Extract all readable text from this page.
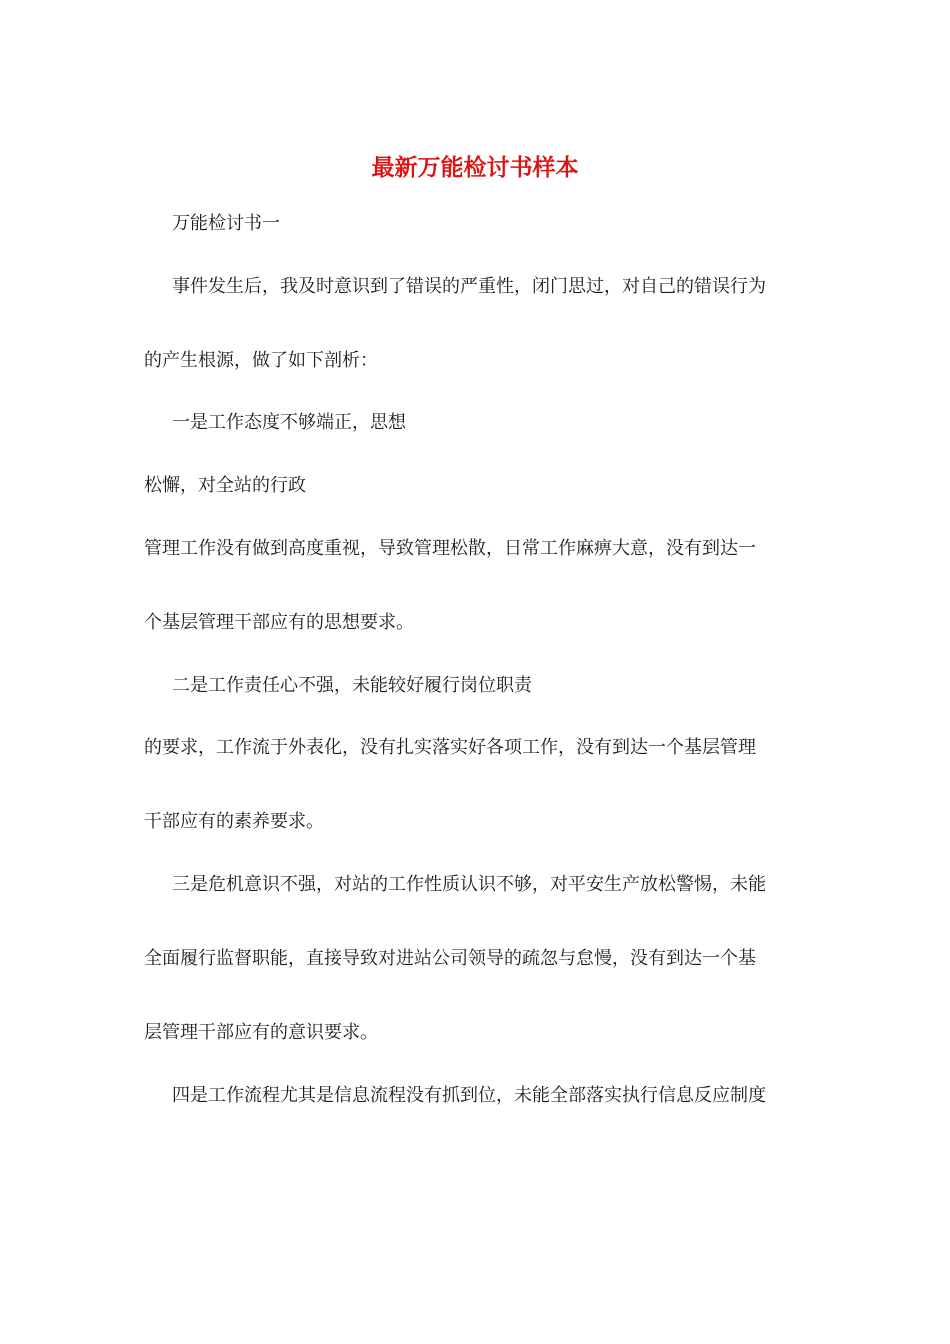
最新万能检讨书样本

万能检讨书一

事件发生后，我及时意识到了错误的严重性，闭门思过，对自己的错误行为

的产生根源，做了如下剖析：

一是工作态度不够端正，思想

松懈，对全站的行政

管理工作没有做到高度重视，导致管理松散，日常工作麻痹大意，没有到达一

个基层管理干部应有的思想要求。

二是工作责任心不强，未能较好履行岗位职责

的要求，工作流于外表化，没有扎实落实好各项工作，没有到达一个基层管理

干部应有的素养要求。

三是危机意识不强，对站的工作性质认识不够，对平安生产放松警惕，未能

全面履行监督职能，直接导致对进站公司领导的疏忽与怠慢，没有到达一个基

层管理干部应有的意识要求。

四是工作流程尤其是信息流程没有抓到位，未能全部落实执行信息反应制度
